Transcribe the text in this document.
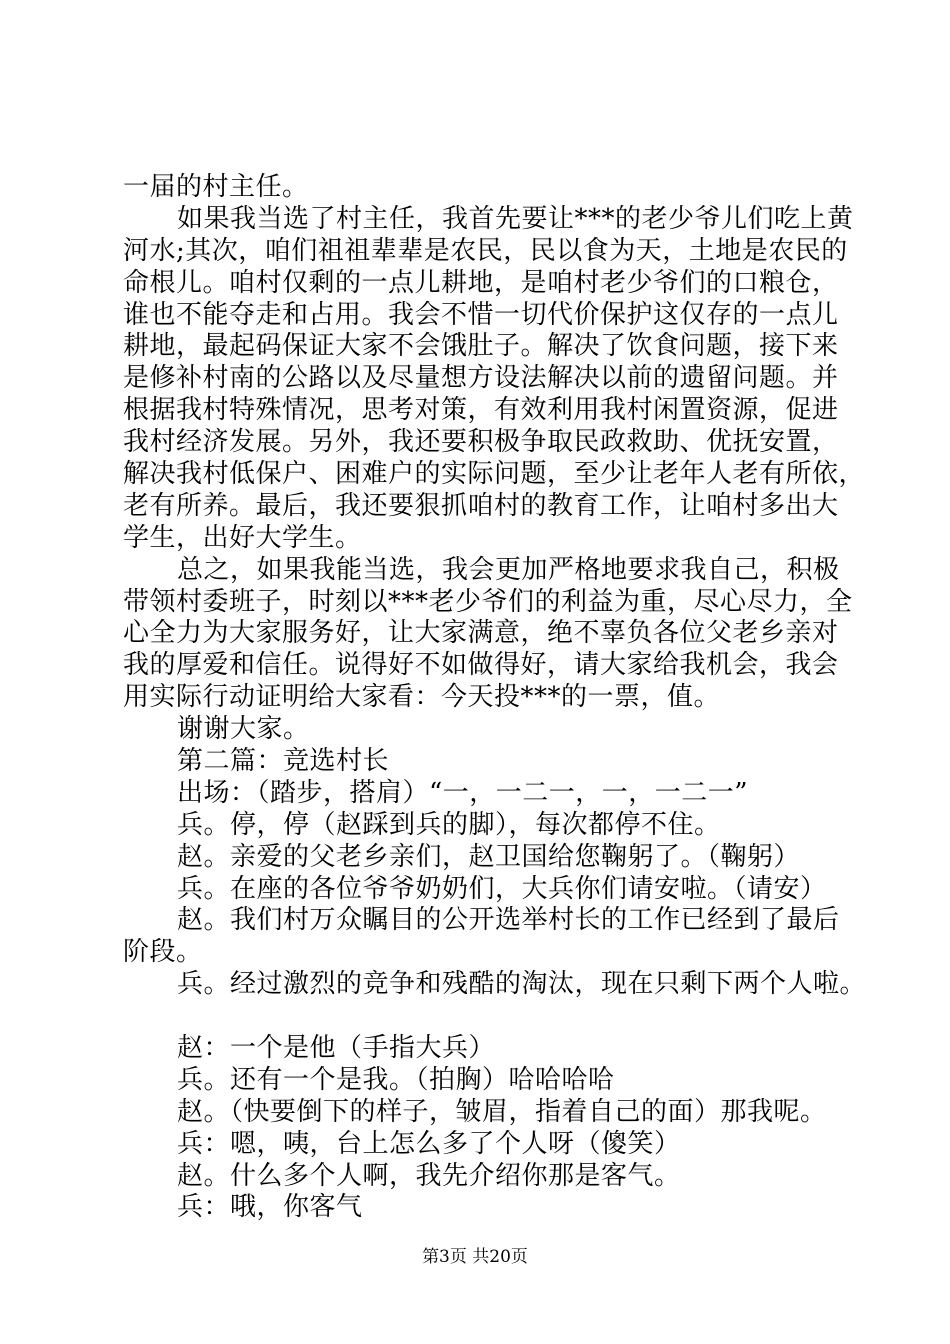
一届的村主任。
如果我当选了村主任，我首先要让***的老少爷儿们吃上黄
河水;其次，咱们祖祖辈辈是农民，民以食为天，土地是农民的
命根儿。咱村仅剩的一点儿耕地，是咱村老少爷们的口粮仓，
谁也不能夺走和占用。我会不惜一切代价保护这仅存的一点儿
耕地，最起码保证大家不会饿肚子。解决了饮食问题，接下来
是修补村南的公路以及尽量想方设法解决以前的遗留问题。并
根据我村特殊情况，思考对策，有效利用我村闲置资源，促进
我村经济发展。另外，我还要积极争取民政救助、优抚安置，
解决我村低保户、困难户的实际问题，至少让老年人老有所依，
老有所养。最后，我还要狠抓咱村的教育工作，让咱村多出大
学生，出好大学生。
总之，如果我能当选，我会更加严格地要求我自己，积极
带领村委班子，时刻以***老少爷们的利益为重，尽心尽力，全
心全力为大家服务好，让大家满意，绝不辜负各位父老乡亲对
我的厚爱和信任。说得好不如做得好，请大家给我机会，我会
用实际行动证明给大家看：今天投***的一票，值。
谢谢大家。
第二篇：竞选村长
出场：（踏步，搭肩）“一，一二一，一，一二一”
兵。停，停（赵踩到兵的脚），每次都停不住。
赵。亲爱的父老乡亲们，赵卫国给您鞠躬了。（鞠躬）
兵。在座的各位爷爷奶奶们，大兵你们请安啦。（请安）
赵。我们村万众瞩目的公开选举村长的工作已经到了最后
阶段。
兵。经过激烈的竞争和残酷的淘汰，现在只剩下两个人啦。
赵：一个是他（手指大兵）
兵。还有一个是我。（拍胸）哈哈哈哈
赵。（快要倒下的样子，皱眉，指着自己的面）那我呢。
兵：嗯，咦，台上怎么多了个人呀（傻笑）
赵。什么多个人啊，我先介绍你那是客气。
兵：哦，你客气
第3页 共20页
